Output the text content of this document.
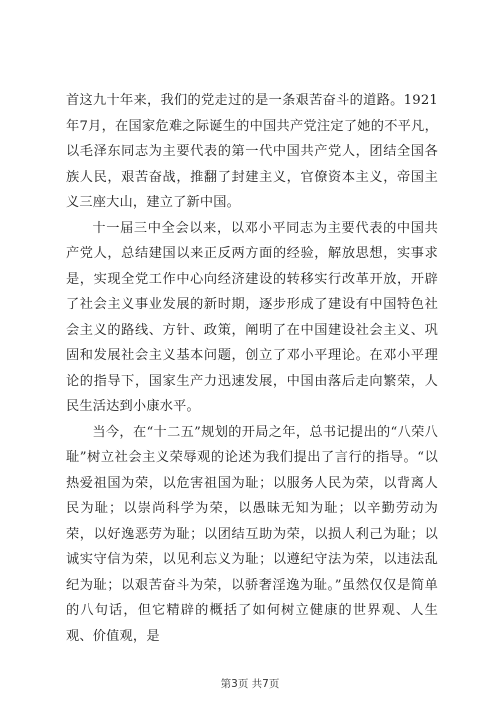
首这九十年来，我们的党走过的是一条艰苦奋斗的道路。1921年7月，在国家危难之际诞生的中国共产党注定了她的不平凡，以毛泽东同志为主要代表的第一代中国共产党人，团结全国各族人民，艰苦奋战，推翻了封建主义，官僚资本主义，帝国主义三座大山，建立了新中国。

十一届三中全会以来，以邓小平同志为主要代表的中国共产党人，总结建国以来正反两方面的经验，解放思想，实事求是，实现全党工作中心向经济建设的转移实行改革开放，开辟了社会主义事业发展的新时期，逐步形成了建设有中国特色社会主义的路线、方针、政策，阐明了在中国建设社会主义、巩固和发展社会主义基本问题，创立了邓小平理论。在邓小平理论的指导下，国家生产力迅速发展，中国由落后走向繁荣，人民生活达到小康水平。

当今，在“十二五”规划的开局之年，总书记提出的“八荣八耻”树立社会主义荣辱观的论述为我们提出了言行的指导。“以热爱祖国为荣，以危害祖国为耻；以服务人民为荣，以背离人民为耻；以崇尚科学为荣，以愚昧无知为耻；以辛勤劳动为荣，以好逸恶劳为耻；以团结互助为荣，以损人利己为耻；以诚实守信为荣，以见利忘义为耻；以遵纪守法为荣，以违法乱纪为耻；以艰苦奋斗为荣，以骄奢淫逸为耻。”虽然仅仅是简单的八句话，但它精辟的概括了如何树立健康的世界观、人生观、价值观，是

第3页 共7页
